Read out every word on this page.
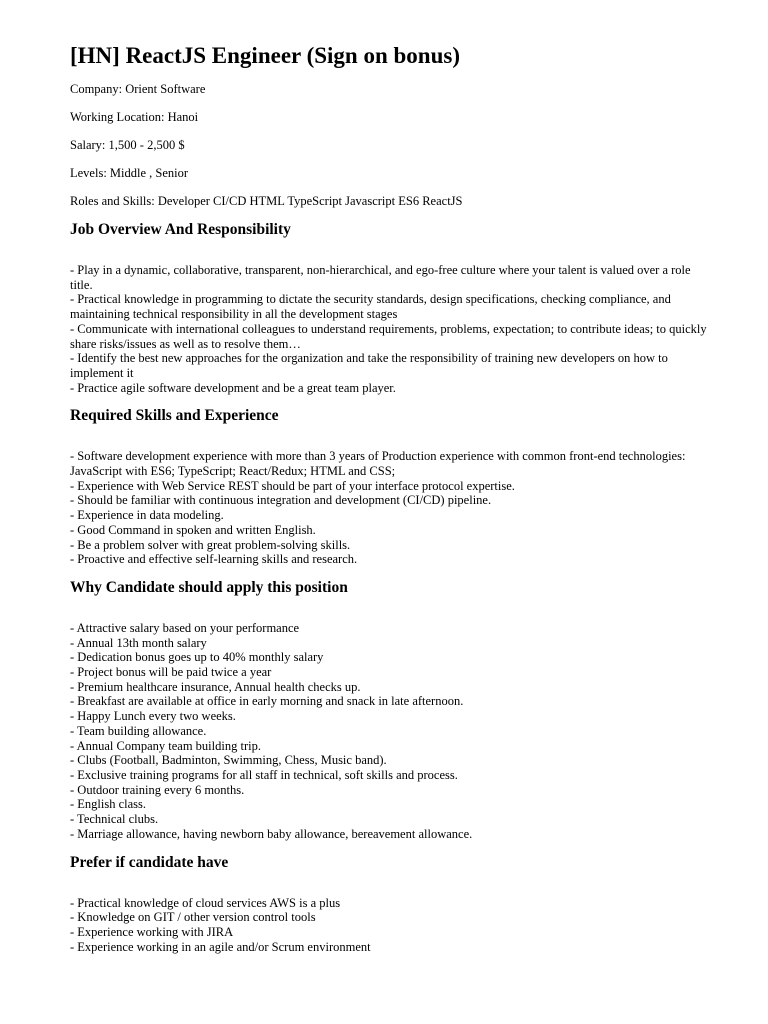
[HN] ReactJS Engineer (Sign on bonus)

Company: Orient Software

Working Location: Hanoi

Salary: 1,500 - 2,500 $

Levels: Middle , Senior

Roles and Skills: Developer CI/CD HTML TypeScript Javascript ES6 ReactJS

Job Overview And Responsibility
- Play in a dynamic, collaborative, transparent, non-hierarchical, and ego-free culture where your talent is valued over a role title.
- Practical knowledge in programming to dictate the security standards, design specifications, checking compliance, and maintaining technical responsibility in all the development stages
- Communicate with international colleagues to understand requirements, problems, expectation; to contribute ideas; to quickly share risks/issues as well as to resolve them…
- Identify the best new approaches for the organization and take the responsibility of training new developers on how to implement it
- Practice agile software development and be a great team player.
Required Skills and Experience
- Software development experience with more than 3 years of Production experience with common front-end technologies: JavaScript with ES6; TypeScript; React/Redux; HTML and CSS;
- Experience with Web Service REST should be part of your interface protocol expertise.
- Should be familiar with continuous integration and development (CI/CD) pipeline.
- Experience in data modeling.
- Good Command in spoken and written English.
- Be a problem solver with great problem-solving skills.
- Proactive and effective self-learning skills and research.
Why Candidate should apply this position
- Attractive salary based on your performance
- Annual 13th month salary
- Dedication bonus goes up to 40% monthly salary
- Project bonus will be paid twice a year
- Premium healthcare insurance, Annual health checks up.
- Breakfast are available at office in early morning and snack in late afternoon.
- Happy Lunch every two weeks.
- Team building allowance.
- Annual Company team building trip.
- Clubs (Football, Badminton, Swimming, Chess, Music band).
- Exclusive training programs for all staff in technical, soft skills and process.
- Outdoor training every 6 months.
- English class.
- Technical clubs.
- Marriage allowance, having newborn baby allowance, bereavement allowance.
Prefer if candidate have
- Practical knowledge of cloud services AWS is a plus
- Knowledge on GIT / other version control tools
- Experience working with JIRA
- Experience working in an agile and/or Scrum environment
